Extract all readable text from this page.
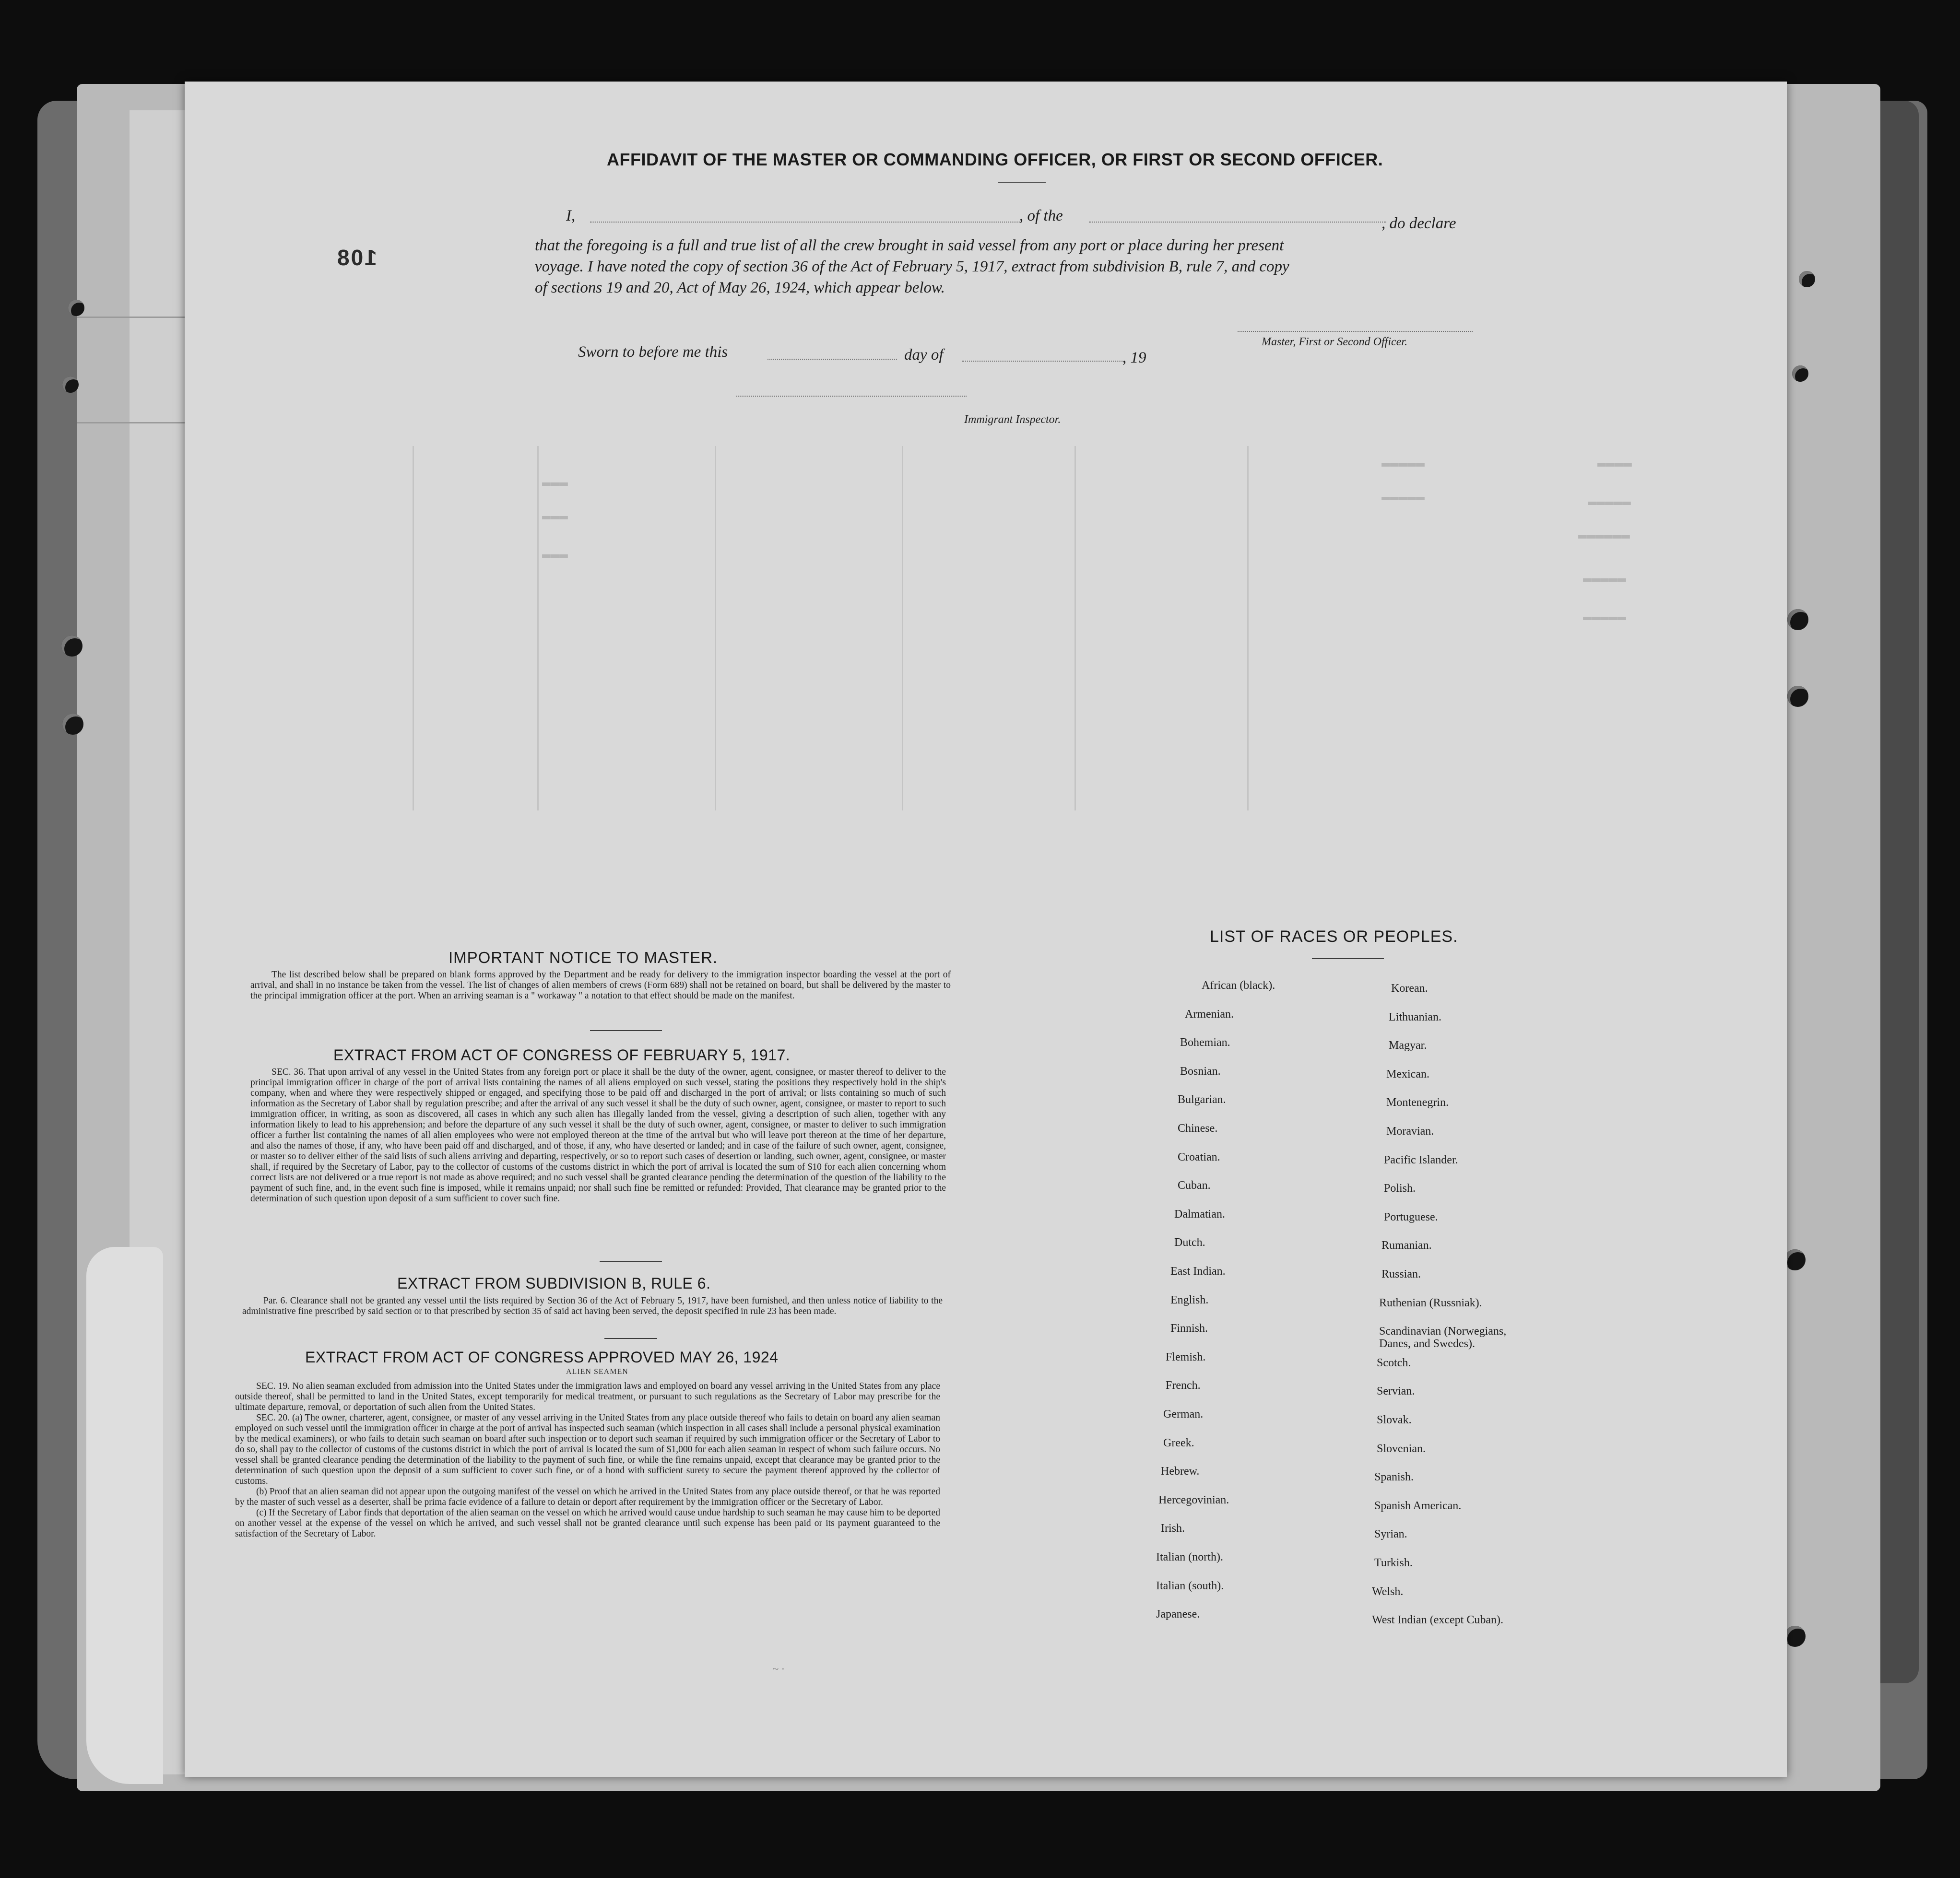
▬▬▬▬
▬▬▬▬▬
▬▬▬▬▬▬
▬▬▬▬▬
▬▬▬▬▬
▬▬▬▬▬
▬▬▬▬▬
▬▬▬
▬▬▬
▬▬▬
108
AFFIDAVIT OF THE MASTER OR COMMANDING OFFICER, OR FIRST OR SECOND OFFICER.
I,	, of the	, do declare
that the foregoing is a full and true list of all the crew brought in said vessel from any port or place during her present
voyage. I have noted the copy of section 36 of the Act of February 5, 1917, extract from subdivision B, rule 7, and copy
of sections 19 and 20, Act of May 26, 1924, which appear below.
Master, First or Second Officer.
Sworn to before me this	day of	, 19
Immigrant Inspector.
IMPORTANT NOTICE TO MASTER.

The list described below shall be prepared on blank forms approved by the Department and be ready for delivery to the immigration inspector boarding the vessel at the port of arrival, and shall in no instance be taken from the vessel. The list of changes of alien members of crews (Form 689) shall not be retained on board, but shall be delivered by the master to the principal immigration officer at the port. When an arriving seaman is a " workaway " a notation to that effect should be made on the manifest.

EXTRACT FROM ACT OF CONGRESS OF FEBRUARY 5, 1917.

SEC. 36. That upon arrival of any vessel in the United States from any foreign port or place it shall be the duty of the owner, agent, consignee, or master thereof to deliver to the principal immigration officer in charge of the port of arrival lists containing the names of all aliens employed on such vessel, stating the positions they respectively hold in the ship's company, when and where they were respectively shipped or engaged, and specifying those to be paid off and discharged in the port of arrival; or lists containing so much of such information as the Secretary of Labor shall by regulation prescribe; and after the arrival of any such vessel it shall be the duty of such owner, agent, consignee, or master to report to such immigration officer, in writing, as soon as discovered, all cases in which any such alien has illegally landed from the vessel, giving a description of such alien, together with any information likely to lead to his apprehension; and before the departure of any such vessel it shall be the duty of such owner, agent, consignee, or master to deliver to such immigration officer a further list containing the names of all alien employees who were not employed thereon at the time of the arrival but who will leave port thereon at the time of her departure, and also the names of those, if any, who have been paid off and discharged, and of those, if any, who have deserted or landed; and in case of the failure of such owner, agent, consignee, or master so to deliver either of the said lists of such aliens arriving and departing, respectively, or so to report such cases of desertion or landing, such owner, agent, consignee, or master shall, if required by the Secretary of Labor, pay to the collector of customs of the customs district in which the port of arrival is located the sum of $10 for each alien concerning whom correct lists are not delivered or a true report is not made as above required; and no such vessel shall be granted clearance pending the determination of the question of the liability to the payment of such fine, and, in the event such fine is imposed, while it remains unpaid; nor shall such fine be remitted or refunded: Provided, That clearance may be granted prior to the determination of such question upon deposit of a sum sufficient to cover such fine.

EXTRACT FROM SUBDIVISION B, RULE 6.

Par. 6. Clearance shall not be granted any vessel until the lists required by Section 36 of the Act of February 5, 1917, have been furnished, and then unless notice of liability to the administrative fine prescribed by said section or to that prescribed by section 35 of said act having been served, the deposit specified in rule 23 has been made.

EXTRACT FROM ACT OF CONGRESS APPROVED MAY 26, 1924
ALIEN SEAMEN

SEC. 19. No alien seaman excluded from admission into the United States under the immigration laws and employed on board any vessel arriving in the United States from any place outside thereof, shall be permitted to land in the United States, except temporarily for medical treatment, or pursuant to such regulations as the Secretary of Labor may prescribe for the ultimate departure, removal, or deportation of such alien from the United States.

SEC. 20. (a) The owner, charterer, agent, consignee, or master of any vessel arriving in the United States from any place outside thereof who fails to detain on board any alien seaman employed on such vessel until the immigration officer in charge at the port of arrival has inspected such seaman (which inspection in all cases shall include a personal physical examination by the medical examiners), or who fails to detain such seaman on board after such inspection or to deport such seaman if required by such immigration officer or the Secretary of Labor to do so, shall pay to the collector of customs of the customs district in which the port of arrival is located the sum of $1,000 for each alien seaman in respect of whom such failure occurs. No vessel shall be granted clearance pending the determination of the liability to the payment of such fine, or while the fine remains unpaid, except that clearance may be granted prior to the determination of such question upon the deposit of a sum sufficient to cover such fine, or of a bond with sufficient surety to secure the payment thereof approved by the collector of customs.

(b) Proof that an alien seaman did not appear upon the outgoing manifest of the vessel on which he arrived in the United States from any place outside thereof, or that he was reported by the master of such vessel as a deserter, shall be prima facie evidence of a failure to detain or deport after requirement by the immigration officer or the Secretary of Labor.

(c) If the Secretary of Labor finds that deportation of the alien seaman on the vessel on which he arrived would cause undue hardship to such seaman he may cause him to be deported on another vessel at the expense of the vessel on which he arrived, and such vessel shall not be granted clearance until such expense has been paid or its payment guaranteed to the satisfaction of the Secretary of Labor.

LIST OF RACES OR PEOPLES.
~ ·
African (black).
Armenian.
Bohemian.
Bosnian.
Bulgarian.
Chinese.
Croatian.
Cuban.
Dalmatian.
Dutch.
East Indian.
English.
Finnish.
Flemish.
French.
German.
Greek.
Hebrew.
Hercegovinian.
Irish.
Italian (north).
Italian (south).
Japanese.
Korean.
Lithuanian.
Magyar.
Mexican.
Montenegrin.
Moravian.
Pacific Islander.
Polish.
Portuguese.
Rumanian.
Russian.
Ruthenian (Russniak).
Scandinavian (Norwegians, Danes, and Swedes).
Scotch.
Servian.
Slovak.
Slovenian.
Spanish.
Spanish American.
Syrian.
Turkish.
Welsh.
West Indian (except Cuban).
